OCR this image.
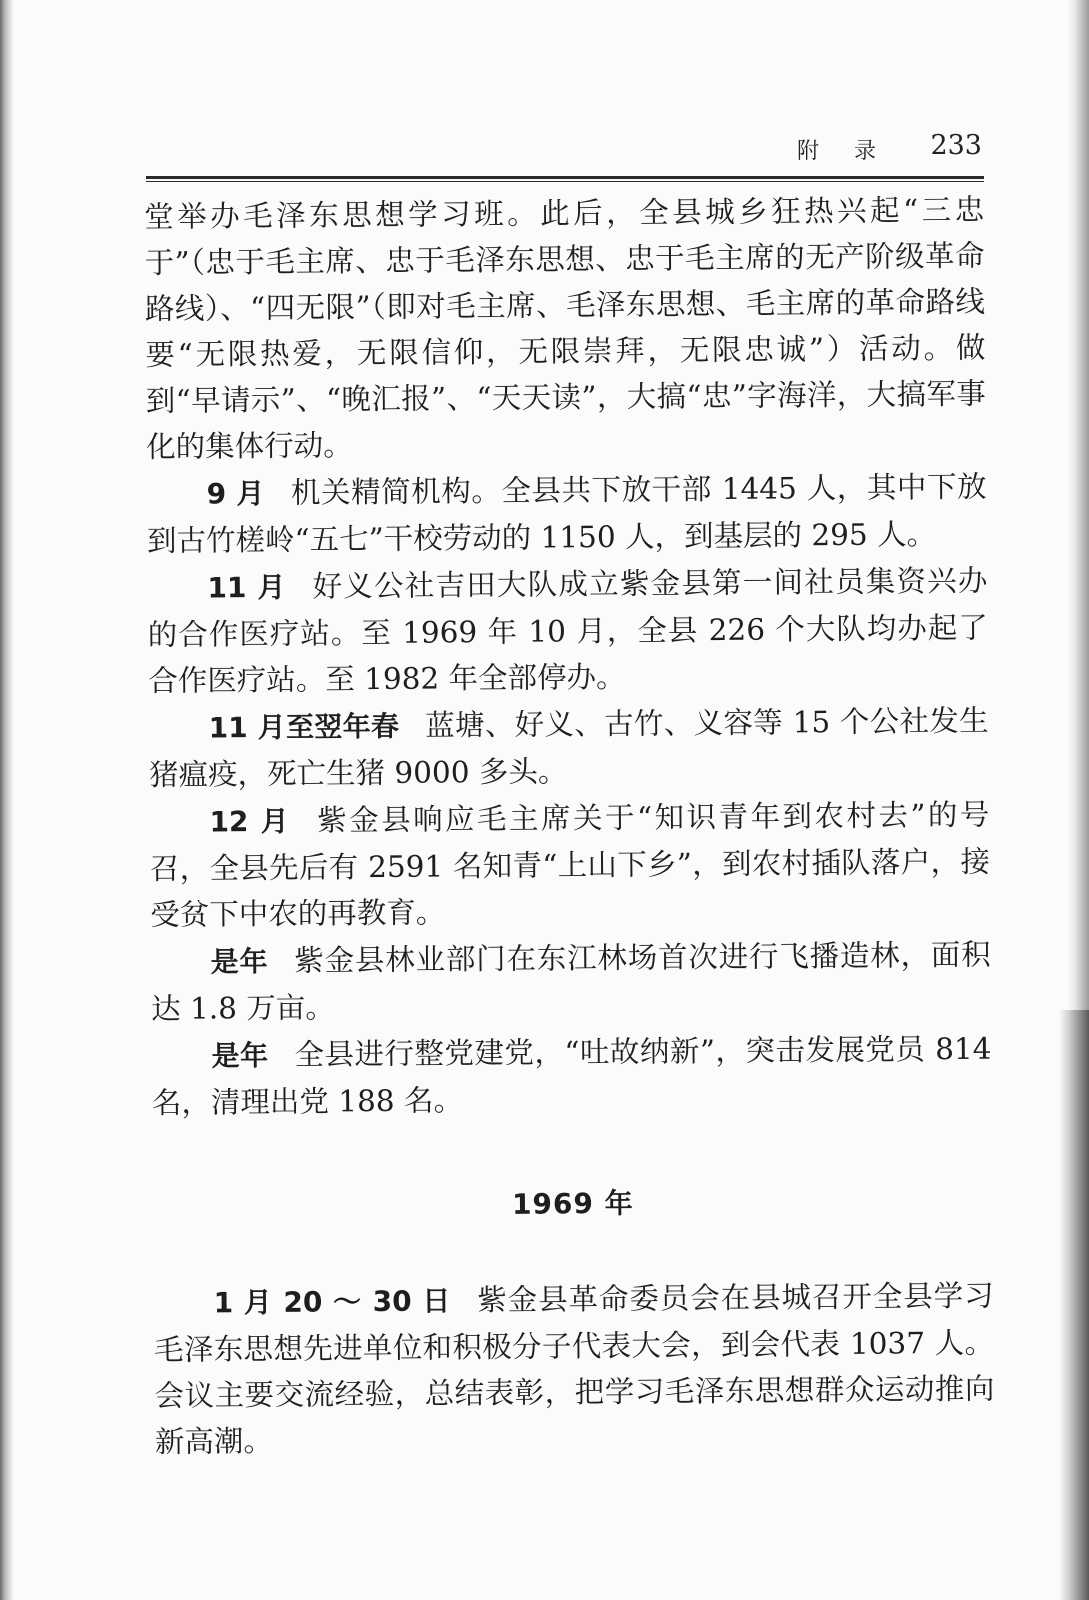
附 录 233

堂举办毛泽东思想学习班。此后，全县城乡狂热兴起“三忠于”（忠于毛主席、忠于毛泽东思想、忠于毛主席的无产阶级革命路线）、“四无限”（即对毛主席、毛泽东思想、毛主席的革命路线要“无限热爱，无限信仰，无限崇拜，无限忠诚”）活动。做到“早请示”、“晚汇报”、“天天读”，大搞“忠”字海洋，大搞军事化的集体行动。

9 月 机关精简机构。全县共下放干部 1445 人，其中下放到古竹槎岭“五七”干校劳动的 1150 人，到基层的 295 人。

11 月 好义公社吉田大队成立紫金县第一间社员集资兴办的合作医疗站。至 1969 年 10 月，全县 226 个大队均办起了合作医疗站。至 1982 年全部停办。

11 月至翌年春 蓝塘、好义、古竹、义容等 15 个公社发生猪瘟疫，死亡生猪 9000 多头。

12 月 紫金县响应毛主席关于“知识青年到农村去”的号召，全县先后有 2591 名知青“上山下乡”，到农村插队落户，接受贫下中农的再教育。

是年 紫金县林业部门在东江林场首次进行飞播造林，面积达 1.8 万亩。

是年 全县进行整党建党，“吐故纳新”，突击发展党员 814 名，清理出党 188 名。

1969 年

1 月 20 ～ 30 日 紫金县革命委员会在县城召开全县学习毛泽东思想先进单位和积极分子代表大会，到会代表 1037 人。会议主要交流经验，总结表彰，把学习毛泽东思想群众运动推向新高潮。
